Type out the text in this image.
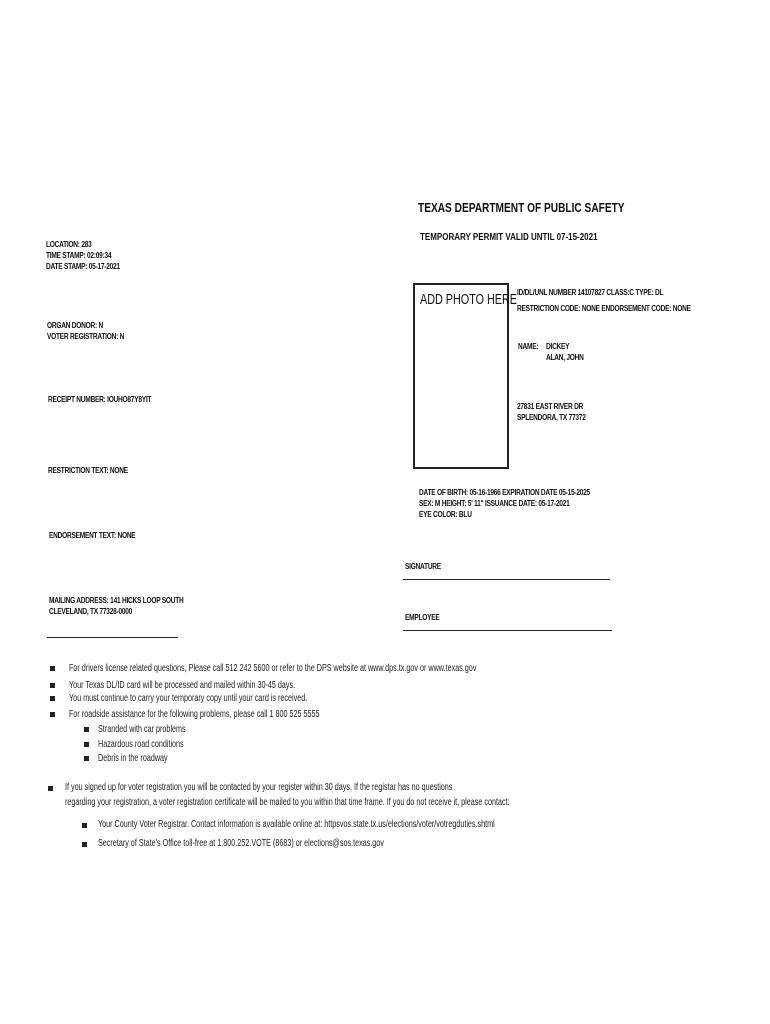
TEXAS DEPARTMENT OF PUBLIC SAFETY
TEMPORARY PERMIT VALID UNTIL 07-15-2021
LOCATION: 283
TIME STAMP: 02:09:34
DATE STAMP: 05-17-2021
ORGAN DONOR: N
VOTER REGISTRATION: N
RECEIPT NUMBER: IOUHO87Y8YIT
RESTRICTION TEXT: NONE
ENDORSEMENT TEXT: NONE
MAILING ADDRESS: 141 HICKS LOOP SOUTH
CLEVELAND, TX 77328-0000
ADD PHOTO HERE ID/DL/UNL NUMBER 14107827 CLASS:C TYPE: DL
RESTRICTION CODE: NONE ENDORSEMENT CODE: NONE
NAME: DICKEY
ALAN, JOHN
27831 EAST RIVER DR
SPLENDORA, TX 77372
DATE OF BIRTH: 05-16-1966 EXPIRATION DATE 05-15-2025
SEX: M HEIGHT: 5' 11" ISSUANCE DATE: 05-17-2021
EYE COLOR: BLU
SIGNATURE
EMPLOYEE
For drivers license related questions, Please call 512 242 5600 or refer to the DPS website at www.dps.tx.gov or www.texas.gov
Your Texas DL/ID card will be processed and mailed within 30-45 days.
You must continue to carry your temporary copy until your card is received.
For roadside assistance for the following problems, please call 1 800 525 5555
Stranded with car problems
Hazardous road conditions
Debris in the roadway
If you signed up for voter registration you will be contacted by your register within 30 days. If the registar has no questions
regarding your registration, a voter registration certificate will be mailed to you within that time frame. If you do not receive it, please contact:
Your County Voter Registrar. Contact information is available online at: httpsvos.state.tx.us/elections/voter/votregduties.shtml
Secretary of State's Office toll-free at 1.800.252.VOTE (8683) or elections@sos.texas.gov
